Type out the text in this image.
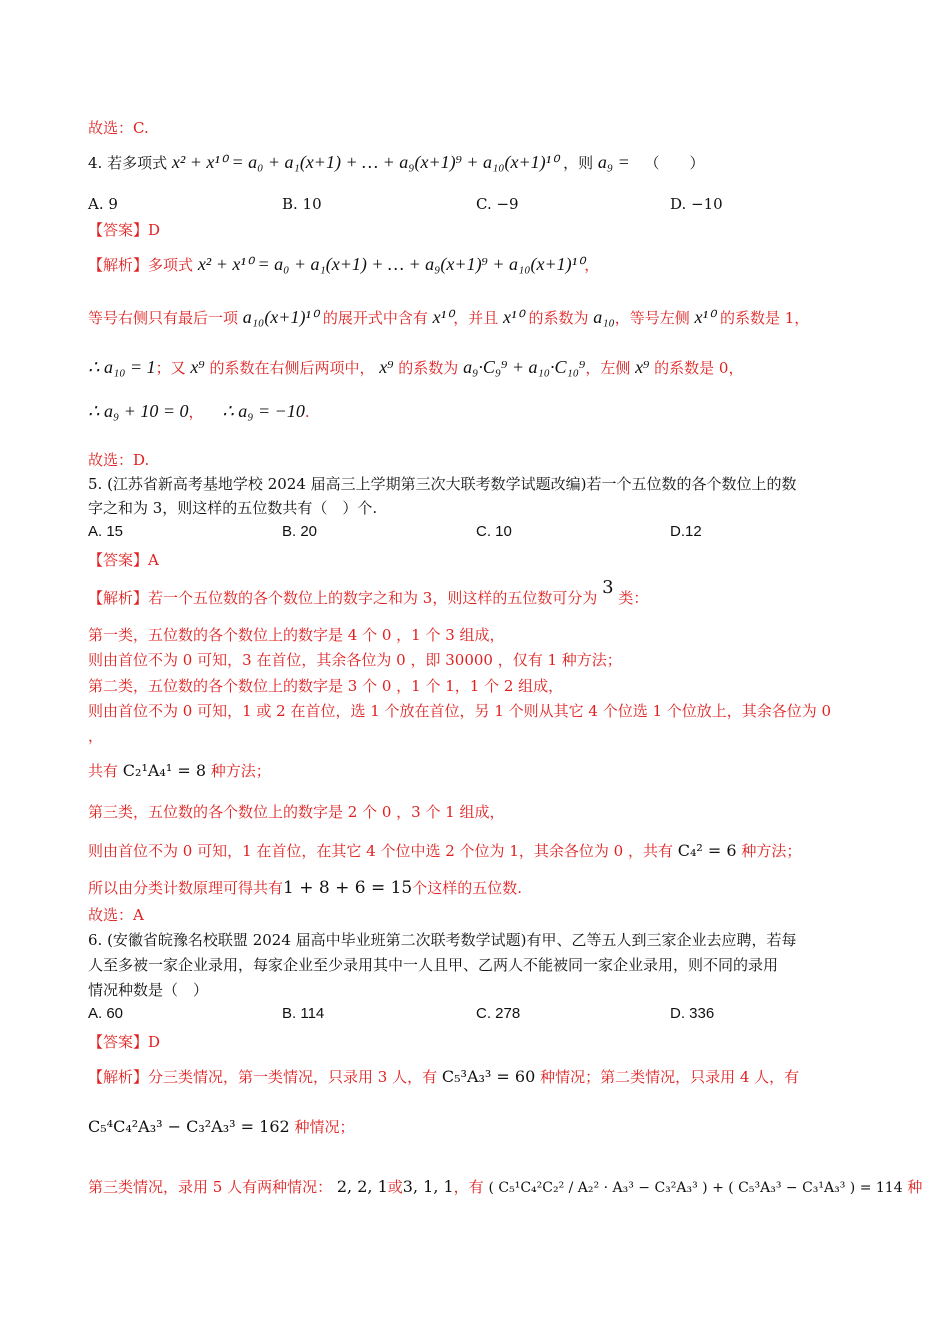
故选：C.
4. 若多项式 x² + x¹⁰ = a₀ + a₁(x+1) + … + a₉(x+1)⁹ + a₁₀(x+1)¹⁰ ，则 a₉ = （　　）
A. 9	B. 10	C. −9	D. −10
【答案】D
【解析】多项式 x² + x¹⁰ = a₀ + a₁(x+1) + … + a₉(x+1)⁹ + a₁₀(x+1)¹⁰，
等号右侧只有最后一项 a₁₀(x+1)¹⁰ 的展开式中含有 x¹⁰，并且 x¹⁰ 的系数为 a₁₀，等号左侧 x¹⁰ 的系数是 1，
∴ a₁₀ = 1；又 x⁹ 的系数在右侧后两项中， x⁹ 的系数为 a₉·C₉⁹ + a₁₀·C₁₀⁹，左侧 x⁹ 的系数是 0，
∴ a₉ + 10 = 0， ∴ a₉ = −10.
故选：D.
5. (江苏省新高考基地学校 2024 届高三上学期第三次大联考数学试题改编)若一个五位数的各个数位上的数
字之和为 3，则这样的五位数共有（　）个.
A. 15	B. 20	C. 10	D.12
【答案】A
【解析】若一个五位数的各个数位上的数字之和为 3，则这样的五位数可分为 3 类：
第一类，五位数的各个数位上的数字是 4 个 0 ，1 个 3 组成，
则由首位不为 0 可知，3 在首位，其余各位为 0 ，即 30000 ，仅有 1 种方法；
第二类，五位数的各个数位上的数字是 3 个 0 ，1 个 1，1 个 2 组成，
则由首位不为 0 可知，1 或 2 在首位，选 1 个放在首位，另 1 个则从其它 4 个位选 1 个位放上，其余各位为 0
，
共有 C₂¹A₄¹ = 8 种方法；
第三类，五位数的各个数位上的数字是 2 个 0 ，3 个 1 组成，
则由首位不为 0 可知，1 在首位，在其它 4 个位中选 2 个位为 1，其余各位为 0 ，共有 C₄² = 6 种方法；
所以由分类计数原理可得共有1 + 8 + 6 = 15个这样的五位数.
故选：A
6. (安徽省皖豫名校联盟 2024 届高中毕业班第二次联考数学试题)有甲、乙等五人到三家企业去应聘，若每
人至多被一家企业录用，每家企业至少录用其中一人且甲、乙两人不能被同一家企业录用，则不同的录用
情况种数是（　）
A. 60	B. 114	C. 278	D. 336
【答案】D
【解析】分三类情况，第一类情况，只录用 3 人，有 C₅³A₃³ = 60 种情况；第二类情况，只录用 4 人，有
C₅⁴C₄²A₃³ − C₃²A₃³ = 162 种情况；
第三类情况，录用 5 人有两种情况： 2, 2, 1或3, 1, 1，有 ( C₅¹C₄²C₂² / A₂² · A₃³ − C₃²A₃³ ) + ( C₅³A₃³ − C₃¹A₃³ ) = 114 种
